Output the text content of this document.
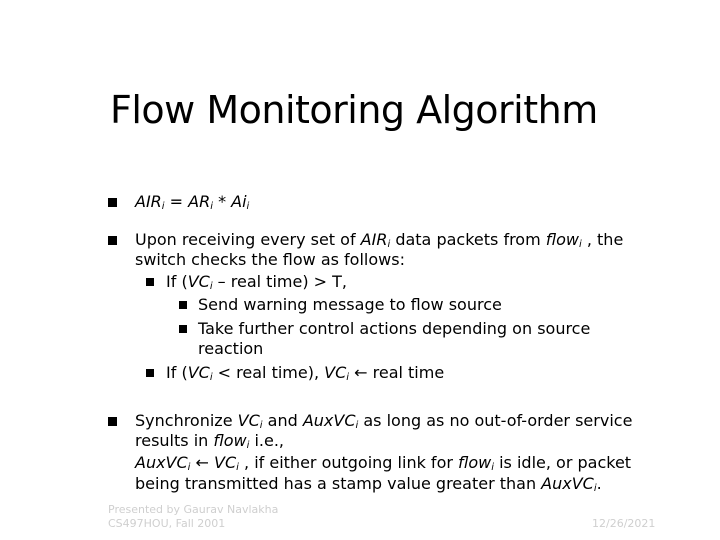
Flow Monitoring Algorithm
$AIR_i = AR_i * Ai_i$
Upon receiving every set of $AIR_i$ data packets from flow$_i$ , the
switch checks the flow as follows:
If ($VC_i$ – real time) > T,
Send warning message to flow source
Take further control actions depending on source
reaction
If ($VC_i$ < real time), $VC_i$ ← real time
Synchronize $VC_i$ and AuxVC$_i$ as long as no out-of-order service
results in flow$_i$ i.e.,
AuxVC$_i$ ← $VC_i$ , if either outgoing link for flow$_i$ is idle, or packet
being transmitted has a stamp value greater than AuxVC$_i$.
Presented by Gaurav Navlakha
CS497HOU, Fall 2001	12/26/2021
